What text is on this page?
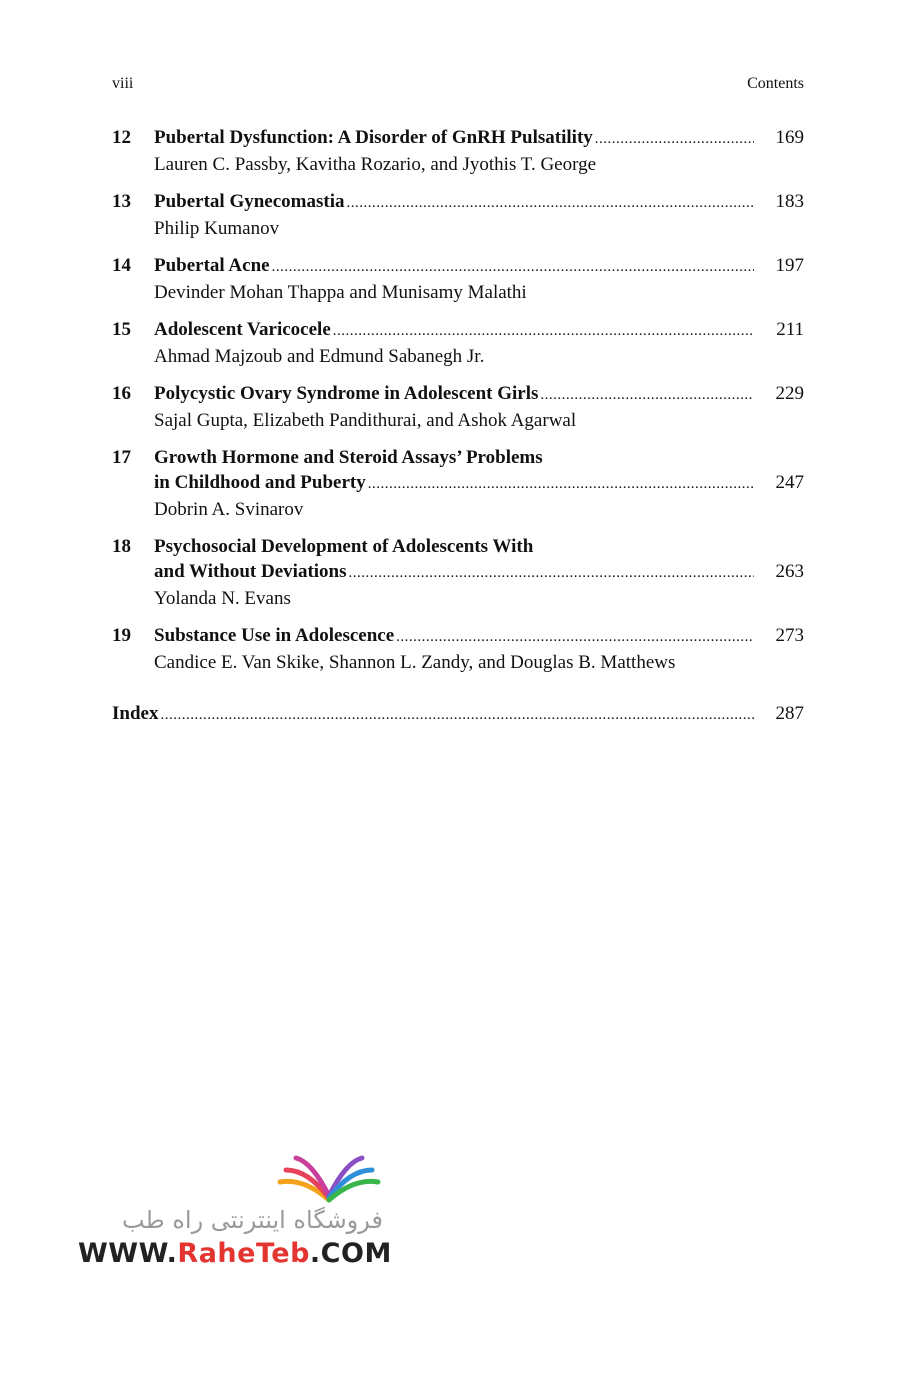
viii	Contents
12	Pubertal Dysfunction: A Disorder of GnRH Pulsatility .....	169
Lauren C. Passby, Kavitha Rozario, and Jyothis T. George
13	Pubertal Gynecomastia .....	183
Philip Kumanov
14	Pubertal Acne .....	197
Devinder Mohan Thappa and Munisamy Malathi
15	Adolescent Varicocele .....	211
Ahmad Majzoub and Edmund Sabanegh Jr.
16	Polycystic Ovary Syndrome in Adolescent Girls .....	229
Sajal Gupta, Elizabeth Pandithurai, and Ashok Agarwal
17	Growth Hormone and Steroid Assays’ Problems
in Childhood and Puberty .....	247
Dobrin A. Svinarov
18	Psychosocial Development of Adolescents With
and Without Deviations .....	263
Yolanda N. Evans
19	Substance Use in Adolescence .....	273
Candice E. Van Skike, Shannon L. Zandy, and Douglas B. Matthews
Index .....	287
فروشگاه اینترنتی راه طب
WWW.RaheTeb.COM
